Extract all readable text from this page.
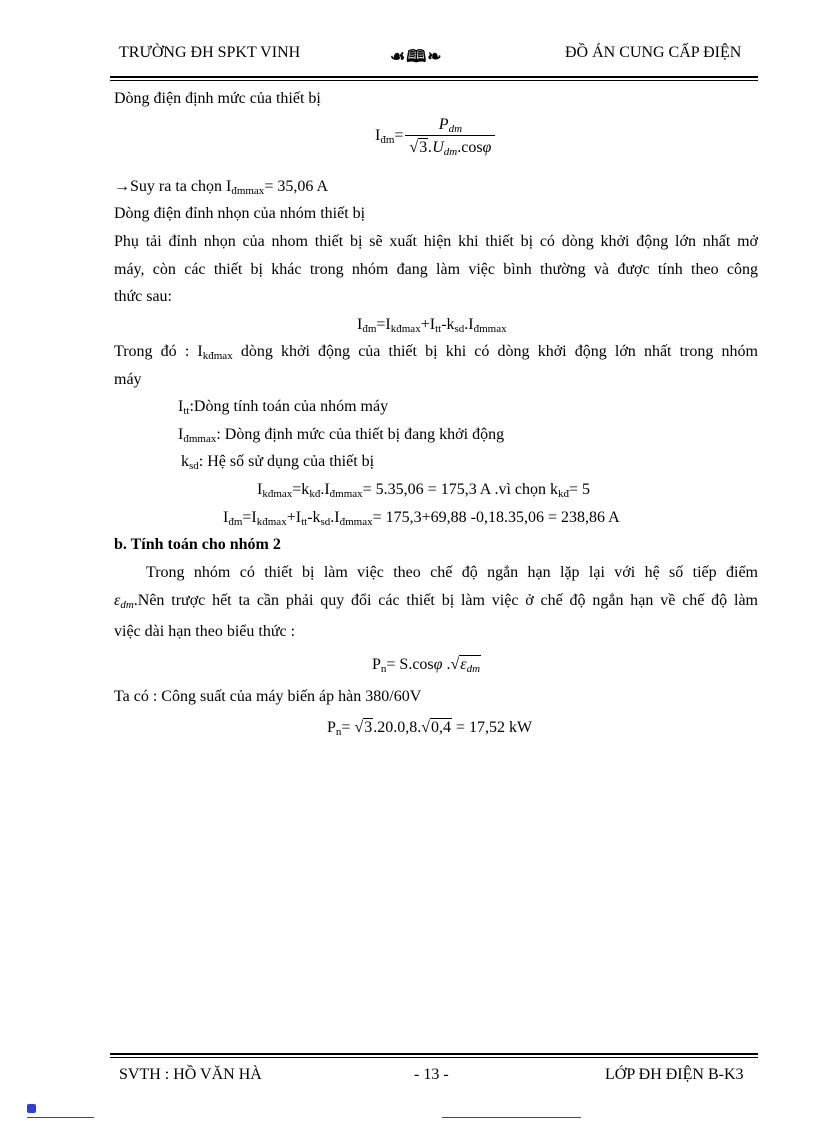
TRƯỜNG ĐH SPKT VINH	☙🕮❧	ĐỒ ÁN CUNG CẤP ĐIỆN
Dòng điện định mức của thiết bị
$I_{đm}= \frac{P_{dm}}{√3.U_{dm}.\cos\varphi}$
→Suy ra ta chọn $I_{đmmax}= 35,06$ A
Dòng điện đỉnh nhọn của nhóm thiết bị
Phụ tải đỉnh nhọn của nhom thiết bị sẽ xuất hiện khi thiết bị có dòng khởi động lớn nhất mở
máy, còn các thiết bị khác trong nhóm đang làm việc bình thường và được tính theo công
thức sau:
$I_{đm}=I_{kđmax}+I_{tt}-k_{sd}.I_{đmmax}$
Trong đó : $I_{kđmax}$ dòng khởi động của thiết bị khi có dòng khởi động lớn nhất trong nhóm
máy
$I_{tt}:Dòng$ tính toán của nhóm máy
$I_{đmmax}$: Dòng định mức của thiết bị đang khởi động
$k_{sd}$: Hệ số sử dụng của thiết bị
$I_{kđmax}=k_{kđ}.I_{đmmax}= 5.35,06 = 175,3$ A .vì chọn $k_{kđ}= 5$
$I_{đm}=I_{kđmax}+I_{tt}-k_{sd}.I_{đmmax}= 175,3+69,88$ -0,18.35,06 = 238,86 A
b. Tính toán cho nhóm 2
Trong nhóm có thiết bị làm việc theo chế độ ngắn hạn lặp lại với hệ số tiếp điểm
$\varepsilon_{dm}.Nên$ trược hết ta cần phải quy đổi các thiết bị làm việc ở chế độ ngắn hạn về chế độ làm
việc dài hạn theo biểu thức :
$P_n= S.\cos\varphi$ $.√\varepsilon_{dm}$
Ta có : Công suất của máy biến áp hàn 380/60V
$P_n= √3.20.0,8.√0,4 = 17,52$ kW
SVTH : HỒ VĂN HÀ	- 13 -	LỚP ĐH ĐIỆN B-K3
